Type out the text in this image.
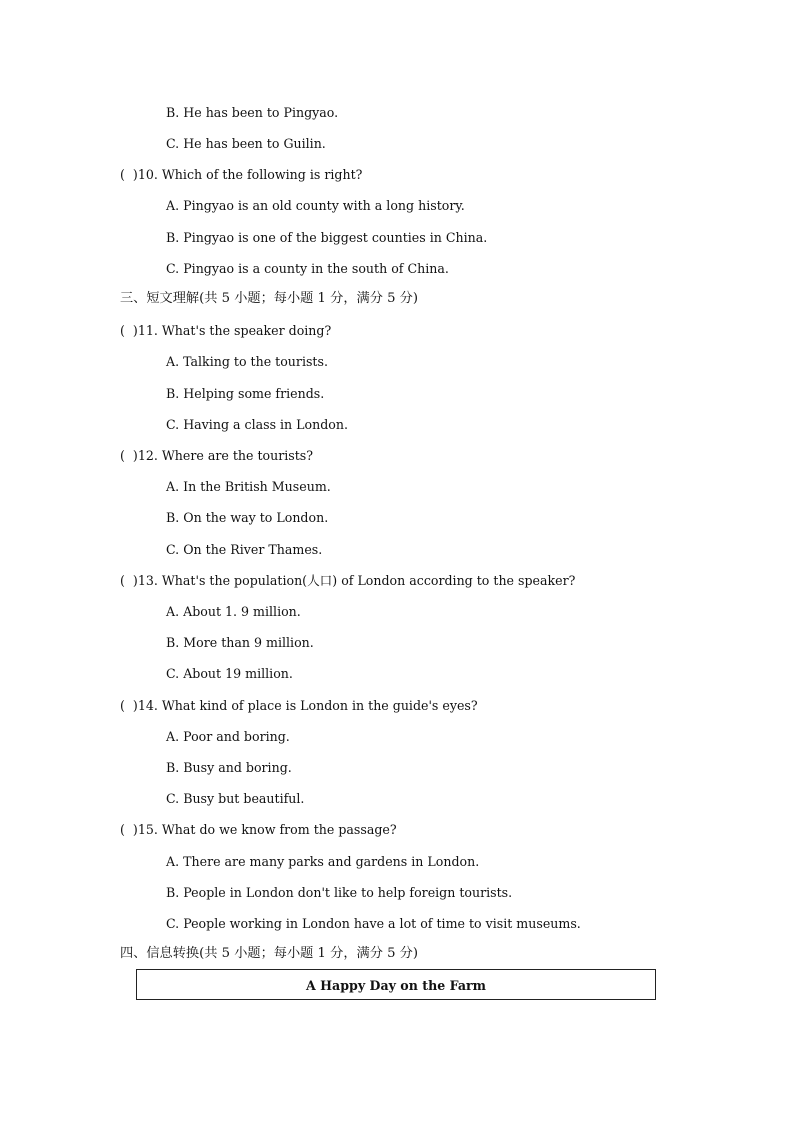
B. He has been to Pingyao.
C. He has been to Guilin.
(  )10. Which of the following is right?
A. Pingyao is an old county with a long history.
B. Pingyao is one of the biggest counties in China.
C. Pingyao is a county in the south of China.
三、短文理解(共 5 小题；每小题 1 分，满分 5 分)
(  )11. What's the speaker doing?
A. Talking to the tourists.
B. Helping some friends.
C. Having a class in London.
(  )12. Where are the tourists?
A. In the British Museum.
B. On the way to London.
C. On the River Thames.
(  )13. What's the population(人口) of London according to the speaker?
A. About 1. 9 million.
B. More than 9 million.
C. About 19 million.
(  )14. What kind of place is London in the guide's eyes?
A. Poor and boring.
B. Busy and boring.
C. Busy but beautiful.
(  )15. What do we know from the passage?
A. There are many parks and gardens in London.
B. People in London don't like to help foreign tourists.
C. People working in London have a lot of time to visit museums.
四、信息转换(共 5 小题；每小题 1 分，满分 5 分)
A Happy Day on the Farm
